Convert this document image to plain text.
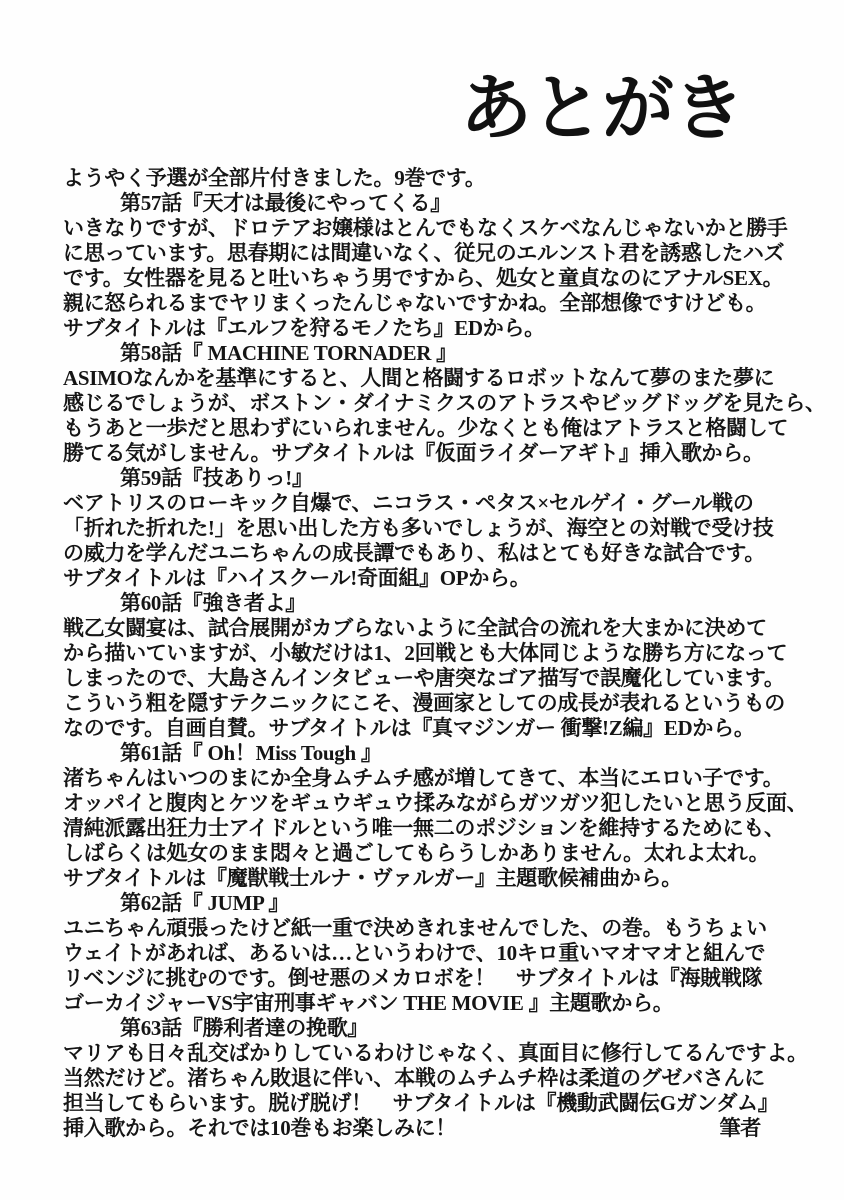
あとがき
ようやく予選が全部片付きました。9巻です。
第57話『天才は最後にやってくる』
いきなりですが、ドロテアお嬢様はとんでもなくスケベなんじゃないかと勝手
に思っています。思春期には間違いなく、従兄のエルンスト君を誘惑したハズ
です。女性器を見ると吐いちゃう男ですから、処女と童貞なのにアナルSEX。
親に怒られるまでヤリまくったんじゃないですかね。全部想像ですけども。
サブタイトルは『エルフを狩るモノたち』EDから。
第58話『 MACHINE TORNADER 』
ASIMOなんかを基準にすると、人間と格闘するロボットなんて夢のまた夢に
感じるでしょうが、ボストン・ダイナミクスのアトラスやビッグドッグを見たら、
もうあと一歩だと思わずにいられません。少なくとも俺はアトラスと格闘して
勝てる気がしません。サブタイトルは『仮面ライダーアギト』挿入歌から。
第59話『技ありっ!』
ベアトリスのローキック自爆で、ニコラス・ペタス×セルゲイ・グール戦の
「折れた折れた!」を思い出した方も多いでしょうが、海空との対戦で受け技
の威力を学んだユニちゃんの成長譚でもあり、私はとても好きな試合です。
サブタイトルは『ハイスクール!奇面組』OPから。
第60話『強き者よ』
戦乙女闘宴は、試合展開がカブらないように全試合の流れを大まかに決めて
から描いていますが、小敏だけは1、2回戦とも大体同じような勝ち方になって
しまったので、大島さんインタビューや唐突なゴア描写で誤魔化しています。
こういう粗を隠すテクニックにこそ、漫画家としての成長が表れるというもの
なのです。自画自賛。サブタイトルは『真マジンガー 衝撃!Z編』EDから。
第61話『 Oh！Miss Tough 』
渚ちゃんはいつのまにか全身ムチムチ感が増してきて、本当にエロい子です。
オッパイと腹肉とケツをギュウギュウ揉みながらガツガツ犯したいと思う反面、
清純派露出狂力士アイドルという唯一無二のポジションを維持するためにも、
しばらくは処女のまま悶々と過ごしてもらうしかありません。太れよ太れ。
サブタイトルは『魔獣戦士ルナ・ヴァルガー』主題歌候補曲から。
第62話『 JUMP 』
ユニちゃん頑張ったけど紙一重で決めきれませんでした、の巻。もうちょい
ウェイトがあれば、あるいは…というわけで、10キロ重いマオマオと組んで
リベンジに挑むのです。倒せ悪のメカロボを！　サブタイトルは『海賊戦隊
ゴーカイジャーVS宇宙刑事ギャバン THE MOVIE 』主題歌から。
第63話『勝利者達の挽歌』
マリアも日々乱交ばかりしているわけじゃなく、真面目に修行してるんですよ。
当然だけど。渚ちゃん敗退に伴い、本戦のムチムチ枠は柔道のグゼバさんに
担当してもらいます。脱げ脱げ！　サブタイトルは『機動武闘伝Gガンダム』
挿入歌から。それでは10巻もお楽しみに！	筆者
